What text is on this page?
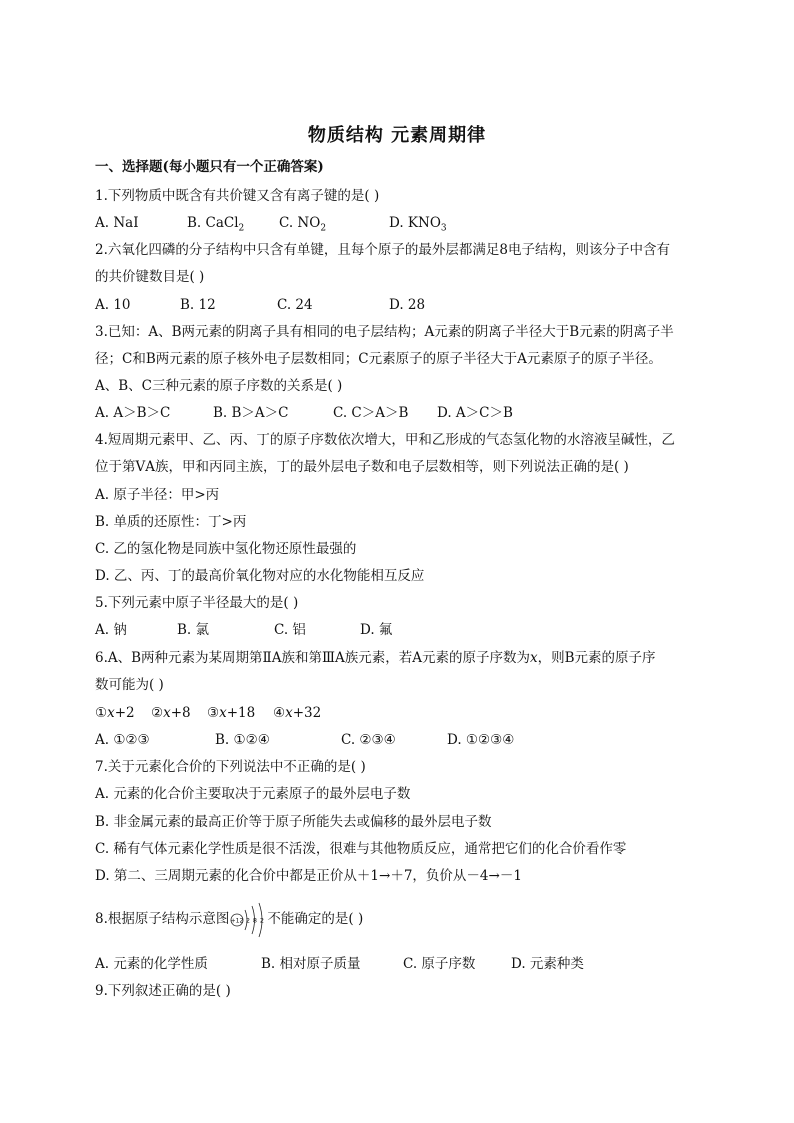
物质结构 元素周期律
一、选择题(每小题只有一个正确答案)
1.下列物质中既含有共价键又含有离子键的是( )
A. NaI	B. CaCl$_2$	C. $NO_2$	D. $KNO_3$
2.六氧化四磷的分子结构中只含有单键，且每个原子的最外层都满足8电子结构，则该分子中含有
的共价键数目是( )
A. 10	B. 12	C. 24	D. 28
3.已知：A、B两元素的阴离子具有相同的电子层结构；A元素的阴离子半径大于B元素的阴离子半
径；C和B两元素的原子核外电子层数相同；C元素原子的原子半径大于A元素原子的原子半径。
A、B、C三种元素的原子序数的关系是( )
A. A＞B＞C	B. B＞A＞C	C. C＞A＞B D. A＞C＞B
4.短周期元素甲、乙、丙、丁的原子序数依次增大，甲和乙形成的气态氢化物的水溶液呈碱性，乙
位于第ⅤA族，甲和丙同主族，丁的最外层电子数和电子层数相等，则下列说法正确的是( )
A. 原子半径：甲>丙
B. 单质的还原性：丁>丙
C. 乙的氢化物是同族中氢化物还原性最强的
D. 乙、丙、丁的最高价氧化物对应的水化物能相互反应
5.下列元素中原子半径最大的是( )
A. 钠	B. 氯	C. 铝	D. 氟
6.A、B两种元素为某周期第ⅡA族和第ⅢA族元素，若A元素的原子序数为x，则B元素的原子序
数可能为( )
①x+2 ②x+8 ③x+18 ④x+32
A. ①②③	B. ①②④	C. ②③④	D. ①②③④
7.关于元素化合价的下列说法中不正确的是( )
A. 元素的化合价主要取决于元素原子的最外层电子数
B. 非金属元素的最高正价等于原子所能失去或偏移的最外层电子数
C. 稀有气体元素化学性质是很不活泼，很难与其他物质反应，通常把它们的化合价看作零
D. 第二、三周期元素的化合价中都是正价从＋1→＋7，负价从－4→－1
8.根据原子结构示意图 +12 2 8 2 不能确定的是( )
A. 元素的化学性质	B. 相对原子质量	C. 原子序数	D. 元素种类
9.下列叙述正确的是( )
